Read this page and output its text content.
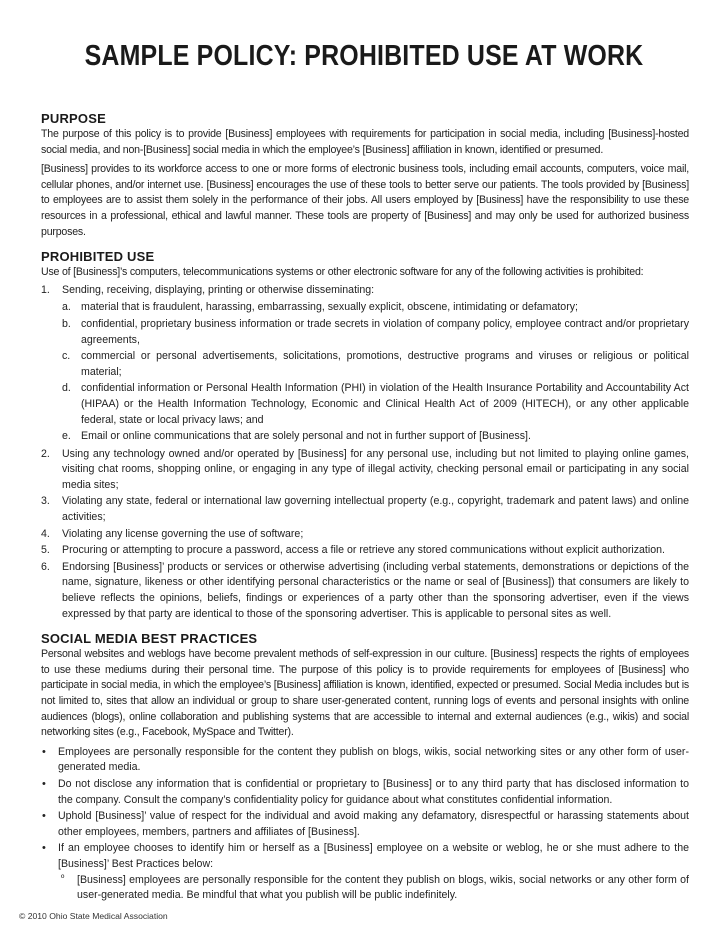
SAMPLE POLICY: PROHIBITED USE AT WORK
PURPOSE

The purpose of this policy is to provide [Business] employees with requirements for participation in social media, including [Business]-hosted social media, and non-[Business] social media in which the employee’s [Business] affiliation in known, identified or presumed.

[Business] provides to its workforce access to one or more forms of electronic business tools, including email accounts, computers, voice mail, cellular phones, and/or internet use. [Business] encourages the use of these tools to better serve our patients. The tools provided by [Business] to employees are to assist them solely in the performance of their jobs. All users employed by [Business] have the responsibility to use these resources in a professional, ethical and lawful manner. These tools are property of [Business] and may only be used for authorized business purposes.

PROHIBITED USE

Use of [Business]’s computers, telecommunications systems or other electronic software for any of the following activities is prohibited:

1. Sending, receiving, displaying, printing or otherwise disseminating:
a. material that is fraudulent, harassing, embarrassing, sexually explicit, obscene, intimidating or defamatory;
b. confidential, proprietary business information or trade secrets in violation of company policy, employee contract and/or proprietary agreements,
c. commercial or personal advertisements, solicitations, promotions, destructive programs and viruses or religious or political material;
d. confidential information or Personal Health Information (PHI) in violation of the Health Insurance Portability and Accountability Act (HIPAA) or the Health Information Technology, Economic and Clinical Health Act of 2009 (HITECH), or any other applicable federal, state or local privacy laws; and
e. Email or online communications that are solely personal and not in further support of [Business].
2. Using any technology owned and/or operated by [Business] for any personal use, including but not limited to playing online games, visiting chat rooms, shopping online, or engaging in any type of illegal activity, checking personal email or participating in any social media sites;
3. Violating any state, federal or international law governing intellectual property (e.g., copyright, trademark and patent laws) and online activities;
4. Violating any license governing the use of software;
5. Procuring or attempting to procure a password, access a file or retrieve any stored communications without explicit authorization.
6. Endorsing [Business]’ products or services or otherwise advertising (including verbal statements, demonstrations or depictions of the name, signature, likeness or other identifying personal characteristics or the name or seal of [Business]) that consumers are likely to believe reflects the opinions, beliefs, findings or experiences of a party other than the sponsoring advertiser, even if the views expressed by that party are identical to those of the sponsoring advertiser. This is applicable to personal sites as well.
SOCIAL MEDIA BEST PRACTICES

Personal websites and weblogs have become prevalent methods of self-expression in our culture. [Business] respects the rights of employees to use these mediums during their personal time. The purpose of this policy is to provide requirements for employees of [Business] who participate in social media, in which the employee’s [Business] affiliation is known, identified, expected or presumed. Social Media includes but is not limited to, sites that allow an individual or group to share user-generated content, running logs of events and personal insights with online audiences (blogs), online collaboration and publishing systems that are accessible to internal and external audiences (e.g., wikis) and social networking sites (e.g., Facebook, MySpace and Twitter).

• Employees are personally responsible for the content they publish on blogs, wikis, social networking sites or any other form of user-generated media.
• Do not disclose any information that is confidential or proprietary to [Business] or to any third party that has disclosed information to the company. Consult the company’s confidentiality policy for guidance about what constitutes confidential information.
• Uphold [Business]’ value of respect for the individual and avoid making any defamatory, disrespectful or harassing statements about other employees, members, partners and affiliates of [Business].
• If an employee chooses to identify him or herself as a [Business] employee on a website or weblog, he or she must adhere to the [Business]’ Best Practices below:
º [Business] employees are personally responsible for the content they publish on blogs, wikis, social networks or any other form of user-generated media. Be mindful that what you publish will be public indefinitely.
© 2010 Ohio State Medical Association
